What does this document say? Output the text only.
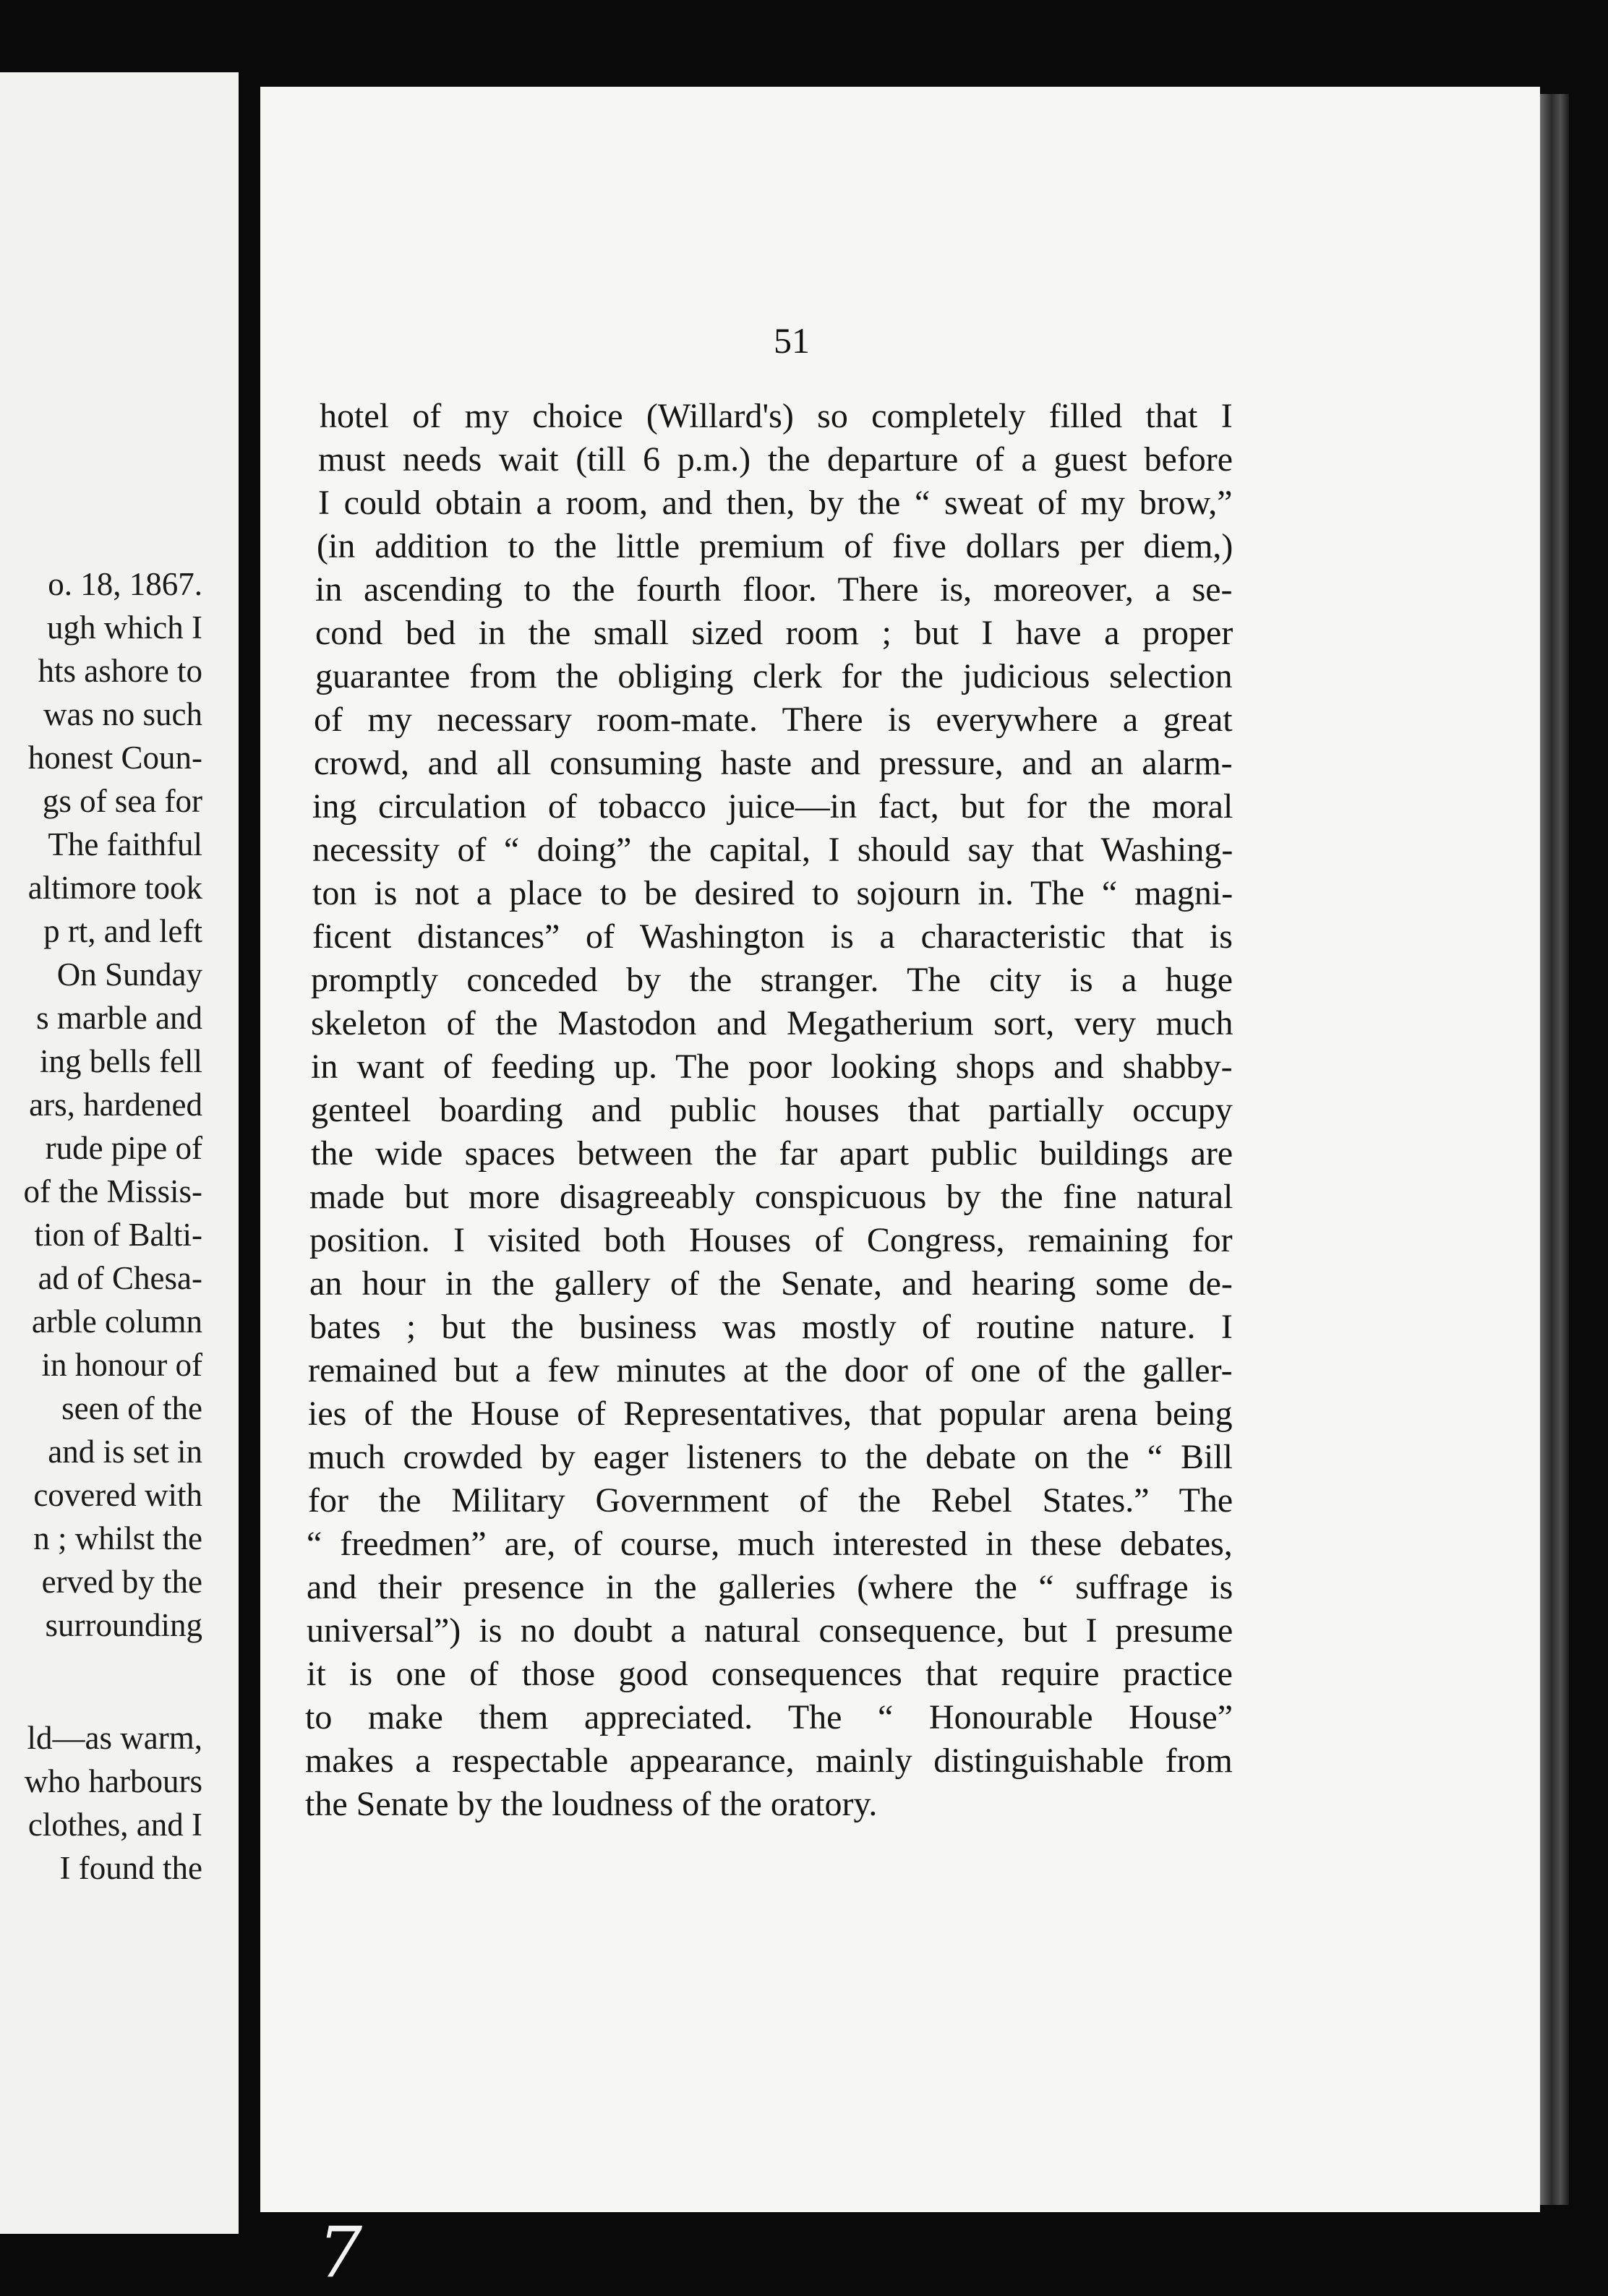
o. 18, 1867.
ugh which I
hts ashore to
was no such
honest Coun-
gs of sea for
The faithful
altimore took
p rt, and left
On Sunday
s marble and
ing bells fell
ars, hardened
rude pipe of
of the Missis-
tion of Balti-
ad of Chesa-
arble column
in honour of
seen of the
and is set in
covered with
n ; whilst the
erved by the
surrounding
ld—as warm,
who harbours
clothes, and I
I found the
51
hotel of my choice (Willard's) so completely filled that I
must needs wait (till 6 p.m.) the departure of a guest before
I could obtain a room, and then, by the “ sweat of my brow,”
(in addition to the little premium of five dollars per diem,)
in ascending to the fourth floor. There is, moreover, a se-
cond bed in the small sized room ; but I have a proper
guarantee from the obliging clerk for the judicious selection
of my necessary room-mate. There is everywhere a great
crowd, and all consuming haste and pressure, and an alarm-
ing circulation of tobacco juice—in fact, but for the moral
necessity of “ doing” the capital, I should say that Washing-
ton is not a place to be desired to sojourn in. The “ magni-
ficent distances” of Washington is a characteristic that is
promptly conceded by the stranger. The city is a huge
skeleton of the Mastodon and Megatherium sort, very much
in want of feeding up. The poor looking shops and shabby-
genteel boarding and public houses that partially occupy
the wide spaces between the far apart public buildings are
made but more disagreeably conspicuous by the fine natural
position. I visited both Houses of Congress, remaining for
an hour in the gallery of the Senate, and hearing some de-
bates ; but the business was mostly of routine nature. I
remained but a few minutes at the door of one of the galler-
ies of the House of Representatives, that popular arena being
much crowded by eager listeners to the debate on the “ Bill
for the Military Government of the Rebel States.” The
“ freedmen” are, of course, much interested in these debates,
and their presence in the galleries (where the “ suffrage is
universal”) is no doubt a natural consequence, but I presume
it is one of those good consequences that require practice
to make them appreciated. The “ Honourable House”
makes a respectable appearance, mainly distinguishable from
the Senate by the loudness of the oratory.
7
